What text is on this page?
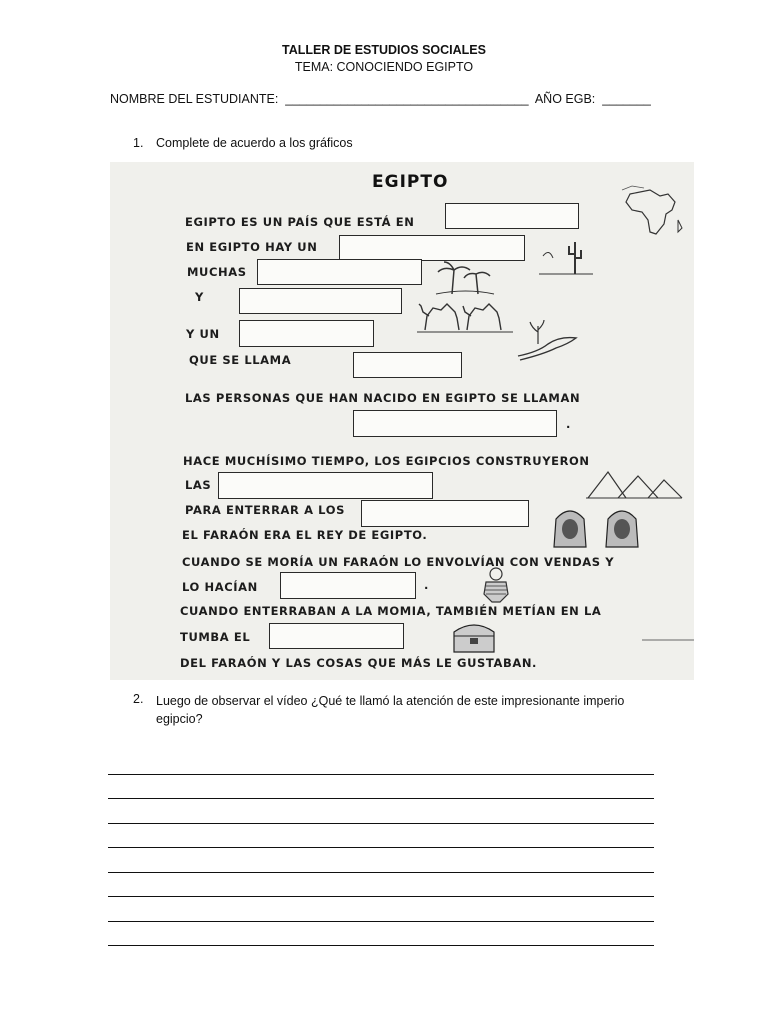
TALLER DE ESTUDIOS SOCIALES
TEMA: CONOCIENDO EGIPTO
NOMBRE DEL ESTUDIANTE:  ___________________________________  AÑO EGB:  _______
1. Complete de acuerdo a los gráficos
EGIPTO
EGIPTO ES UN PAÍS QUE ESTÁ EN
EN EGIPTO HAY UN
MUCHAS
Y
Y UN
QUE SE LLAMA
LAS PERSONAS QUE HAN NACIDO EN EGIPTO SE LLAMAN
.
HACE MUCHÍSIMO TIEMPO, LOS EGIPCIOS CONSTRUYERON
LAS
PARA ENTERRAR A LOS
EL FARAÓN ERA EL REY DE EGIPTO.
CUANDO SE MORÍA UN FARAÓN LO ENVOLVÍAN CON VENDAS Y
LO HACÍAN	.
CUANDO ENTERRABAN A LA MOMIA, TAMBIÉN METÍAN EN LA
TUMBA EL
DEL FARAÓN Y LAS COSAS QUE MÁS LE GUSTABAN.
2. Luego de observar el vídeo ¿Qué te llamó la atención de este impresionante imperio egipcio?
